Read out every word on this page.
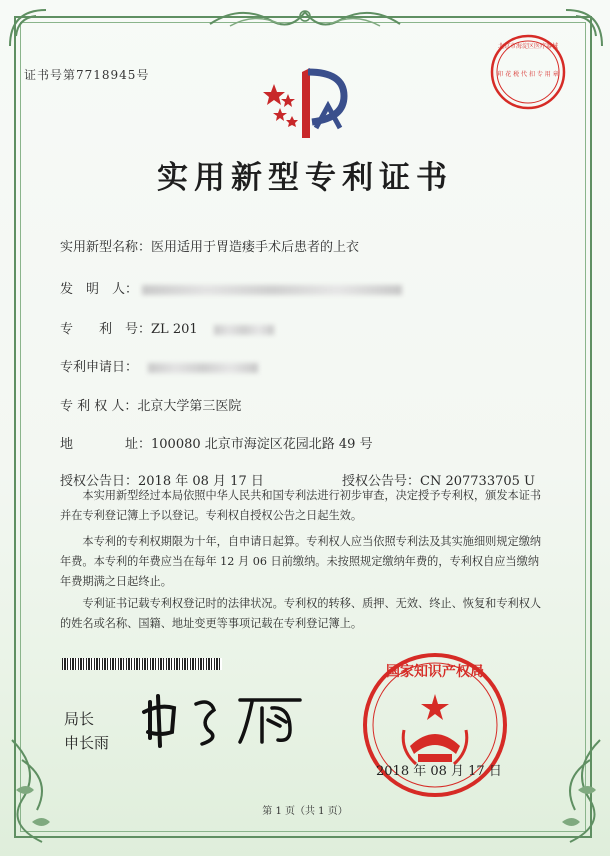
证书号第7718945号
北京市海淀区医疗器械
印 花 税 代 扣 专 用 章
实用新型专利证书
实用新型名称：医用适用于胃造瘘手术后患者的上衣
发　明　人：
专　　利　号：ZL 201
专利申请日：
专 利 权 人：北京大学第三医院
地　　　　址：100080 北京市海淀区花园北路 49 号
授权公告日：2018 年 08 月 17 日	授权公告号：CN 207733705 U

本实用新型经过本局依照中华人民共和国专利法进行初步审查，决定授予专利权，颁发本证书并在专利登记簿上予以登记。专利权自授权公告之日起生效。

本专利的专利权期限为十年，自申请日起算。专利权人应当依照专利法及其实施细则规定缴纳年费。本专利的年费应当在每年 12 月 06 日前缴纳。未按照规定缴纳年费的，专利权自应当缴纳年费期满之日起终止。

专利证书记载专利权登记时的法律状况。专利权的转移、质押、无效、终止、恢复和专利权人的姓名或名称、国籍、地址变更等事项记载在专利登记簿上。

局长
申长雨
国家知识产权局
2018 年 08 月 17 日
第 1 页（共 1 页）
